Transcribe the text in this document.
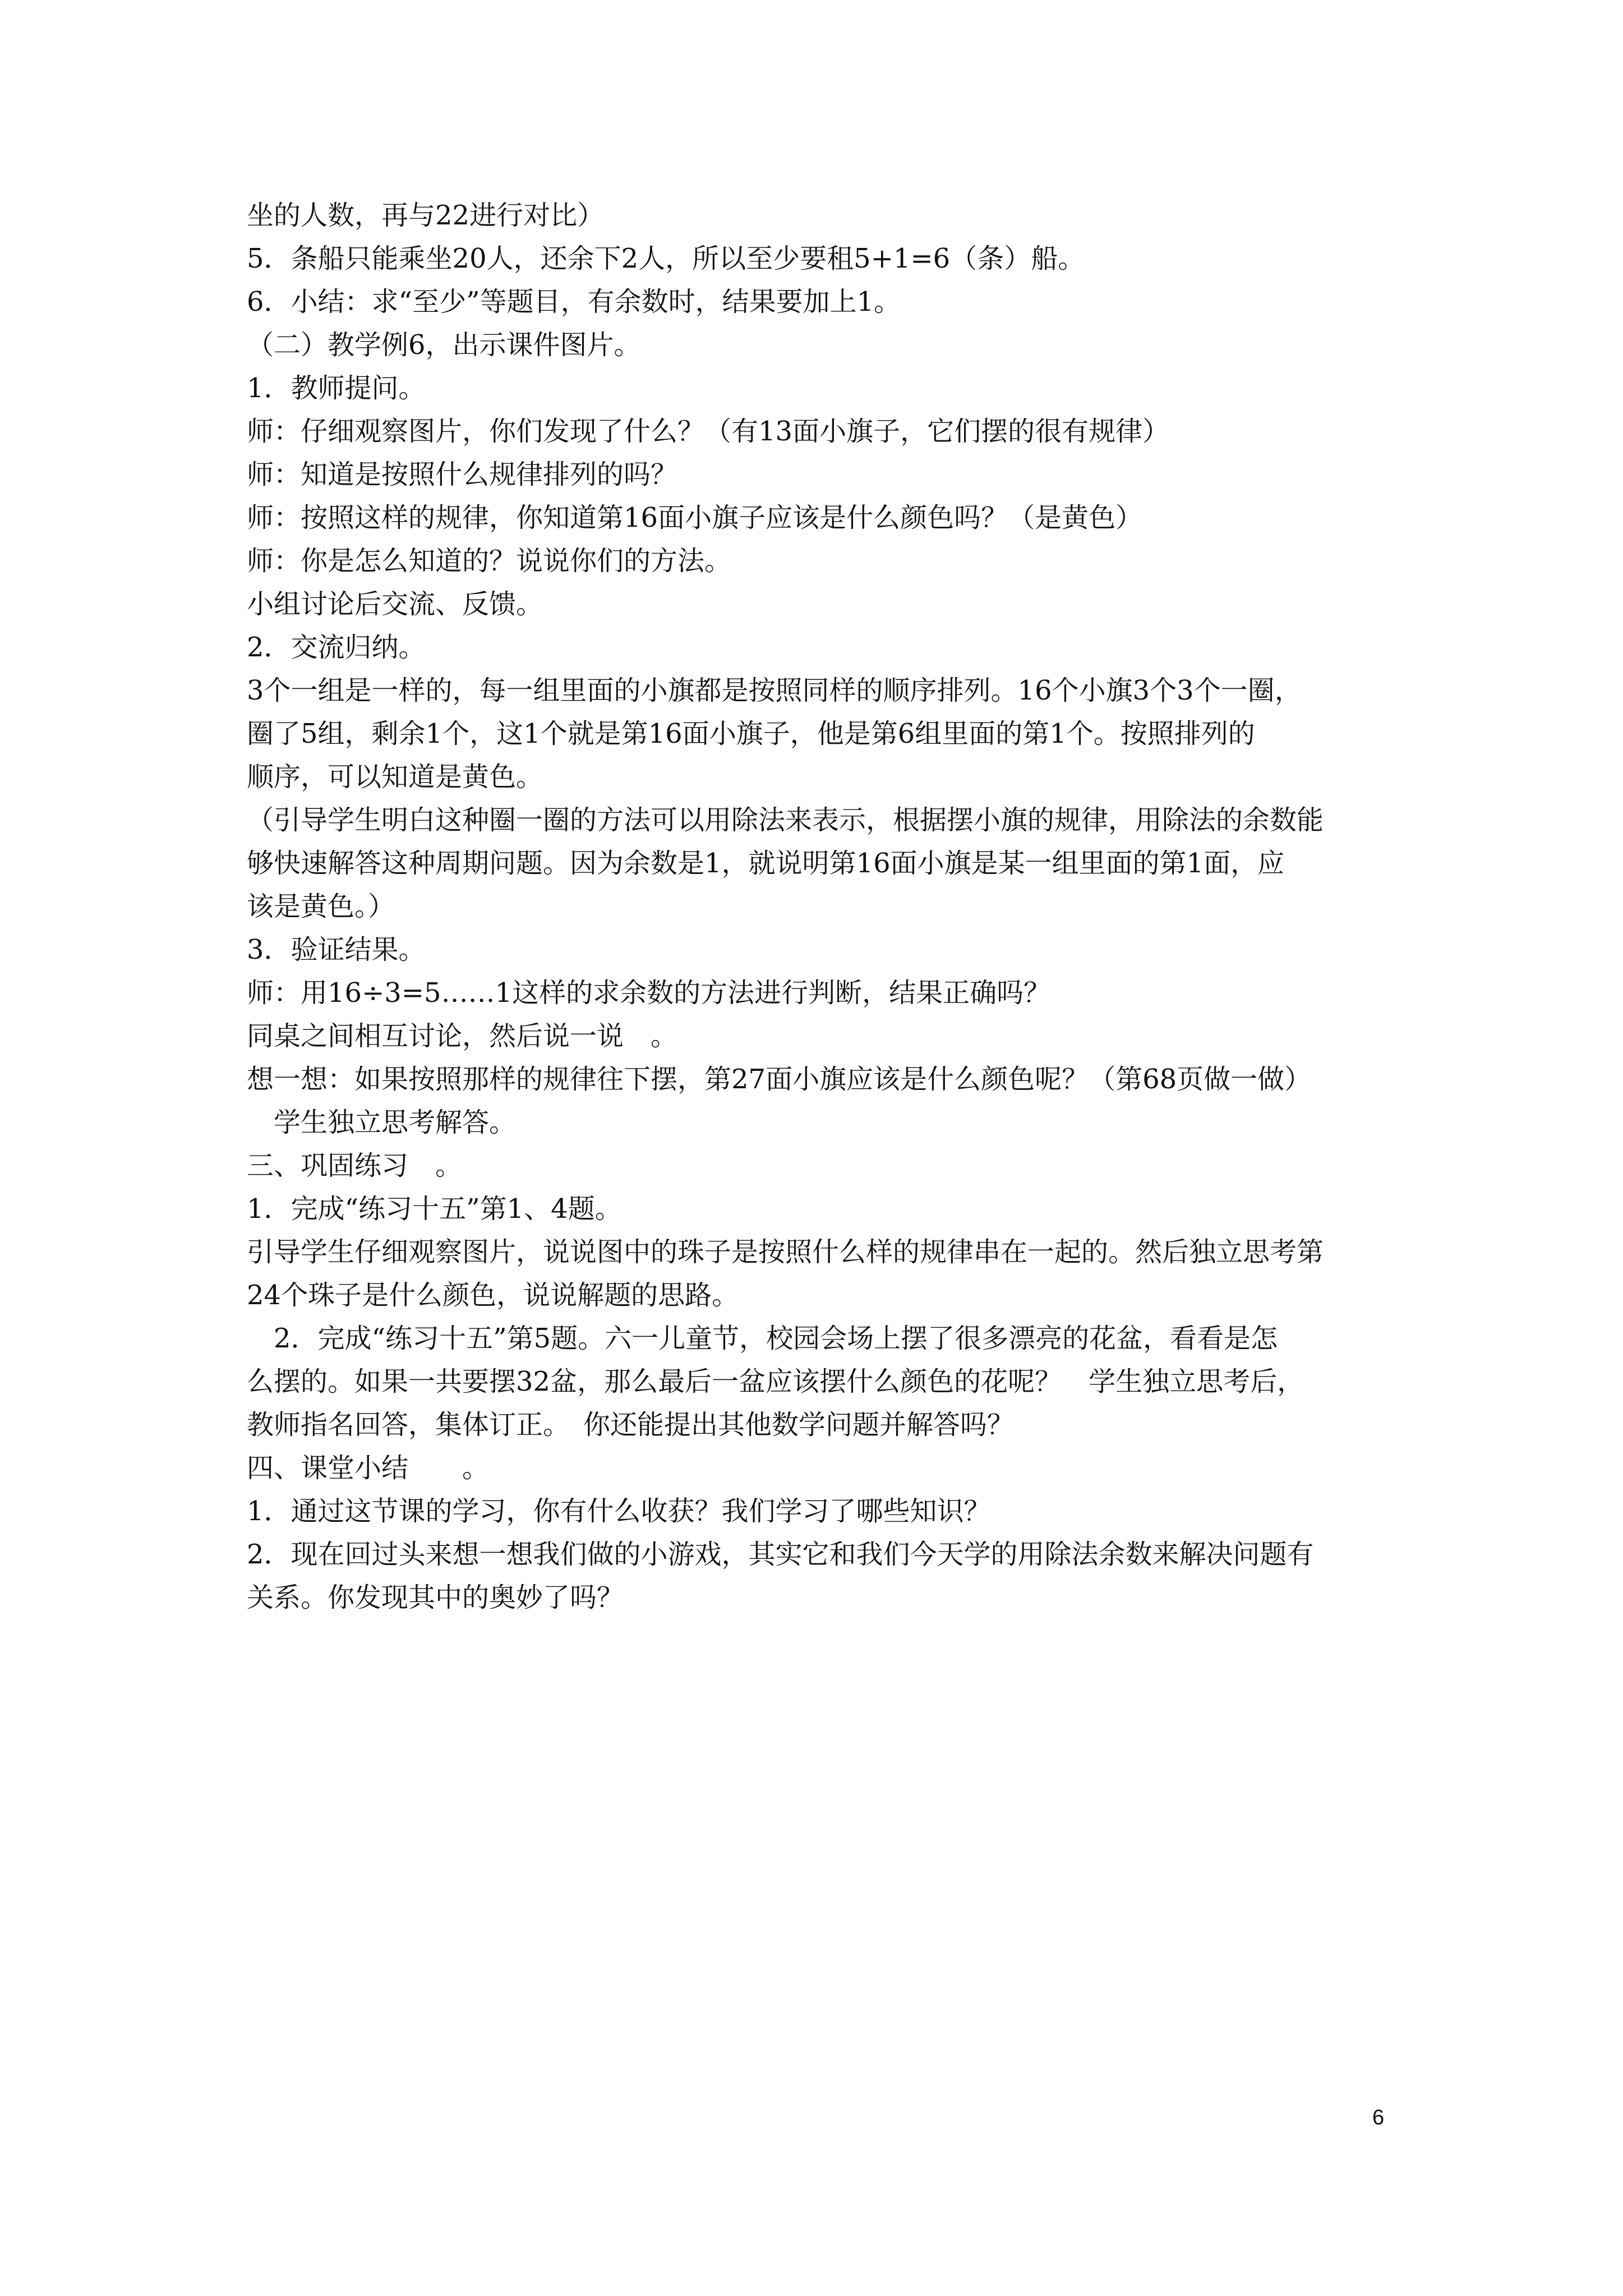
坐的人数，再与22进行对比）
5．条船只能乘坐20人，还余下2人，所以至少要租5+1=6（条）船。
6．小结：求“至少”等题目，有余数时，结果要加上1。
（二）教学例6，出示课件图片。
1．教师提问。
师：仔细观察图片，你们发现了什么？（有13面小旗子，它们摆的很有规律）
师：知道是按照什么规律排列的吗？
师：按照这样的规律，你知道第16面小旗子应该是什么颜色吗？（是黄色）
师：你是怎么知道的？说说你们的方法。
小组讨论后交流、反馈。
2．交流归纳。
3个一组是一样的，每一组里面的小旗都是按照同样的顺序排列。16个小旗3个3个一圈，
圈了5组，剩余1个，这1个就是第16面小旗子，他是第6组里面的第1个。按照排列的
顺序，可以知道是黄色。
（引导学生明白这种圈一圈的方法可以用除法来表示，根据摆小旗的规律，用除法的余数能
够快速解答这种周期问题。因为余数是1，就说明第16面小旗是某一组里面的第1面，应
该是黄色。）
3．验证结果。
师：用16÷3=5……1这样的求余数的方法进行判断，结果正确吗？
同桌之间相互讨论，然后说一说　。
想一想：如果按照那样的规律往下摆，第27面小旗应该是什么颜色呢？（第68页做一做）
学生独立思考解答。
三、巩固练习　。
1．完成“练习十五”第1、4题。
引导学生仔细观察图片，说说图中的珠子是按照什么样的规律串在一起的。然后独立思考第
24个珠子是什么颜色，说说解题的思路。
2．完成“练习十五”第5题。六一儿童节，校园会场上摆了很多漂亮的花盆，看看是怎
么摆的。如果一共要摆32盆，那么最后一盆应该摆什么颜色的花呢？　学生独立思考后，
教师指名回答，集体订正。　你还能提出其他数学问题并解答吗？
四、课堂小结　　。
1．通过这节课的学习，你有什么收获？我们学习了哪些知识？
2．现在回过头来想一想我们做的小游戏，其实它和我们今天学的用除法余数来解决问题有
关系。你发现其中的奥妙了吗？
6
